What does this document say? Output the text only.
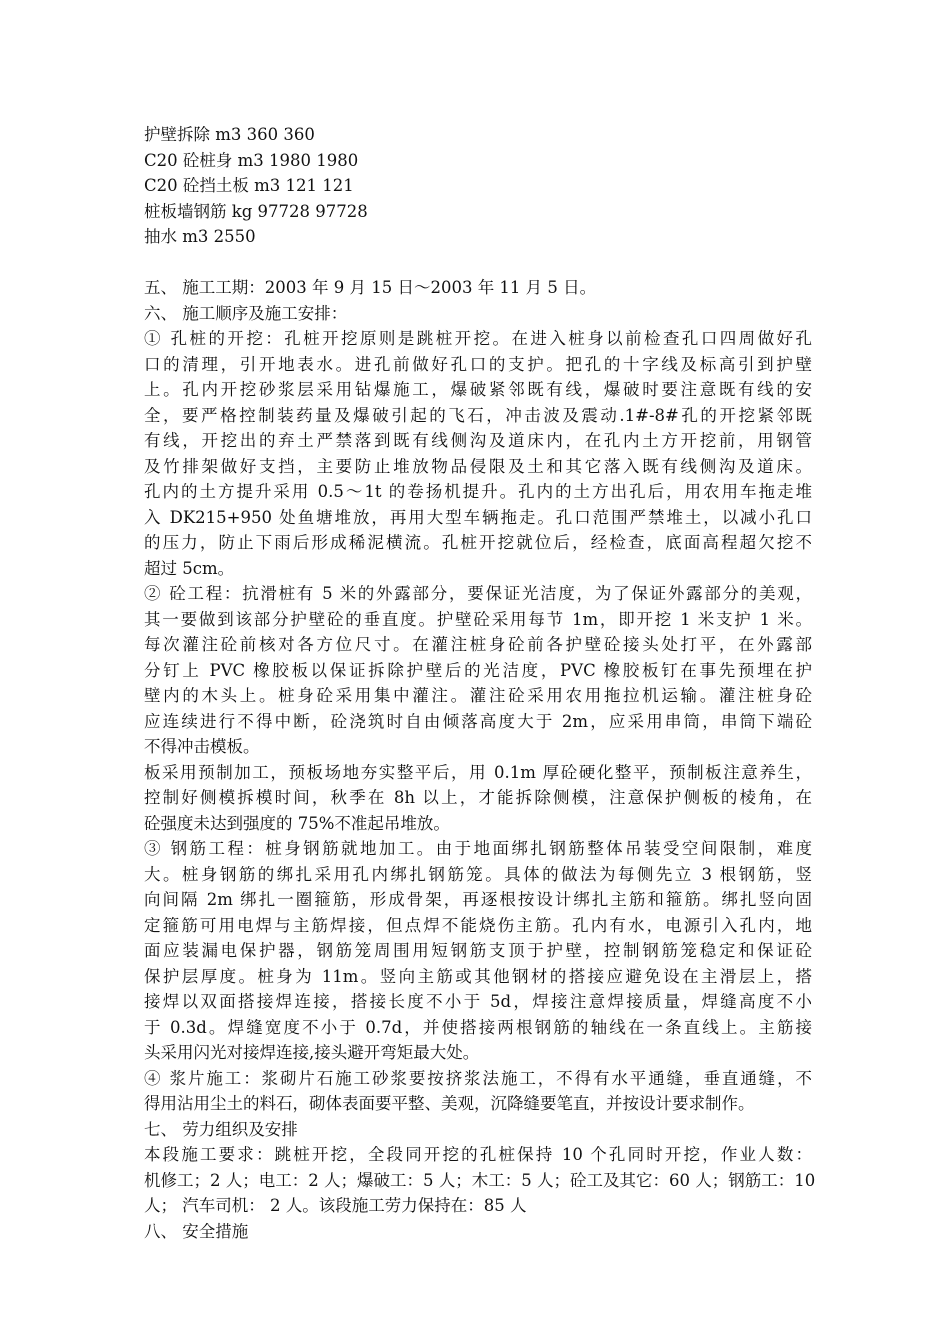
护壁拆除 m3 360 360
C20 砼桩身 m3 1980 1980
C20 砼挡土板 m3 121 121
桩板墙钢筋 kg 97728 97728
抽水 m3 2550
五、 施工工期：2003 年 9 月 15 日～2003 年 11 月 5 日。
六、 施工顺序及施工安排：
① 孔桩的开挖：孔桩开挖原则是跳桩开挖。在进入桩身以前检查孔口四周做好孔
口的清理，引开地表水。进孔前做好孔口的支护。把孔的十字线及标高引到护壁
上。孔内开挖砂浆层采用钻爆施工，爆破紧邻既有线，爆破时要注意既有线的安
全，要严格控制装药量及爆破引起的飞石，冲击波及震动.1#-8#孔的开挖紧邻既
有线，开挖出的弃土严禁落到既有线侧沟及道床内，在孔内土方开挖前，用钢管
及竹排架做好支挡，主要防止堆放物品侵限及土和其它落入既有线侧沟及道床。
孔内的土方提升采用 0.5～1t 的卷扬机提升。孔内的土方出孔后，用农用车拖走堆
入 DK215+950 处鱼塘堆放，再用大型车辆拖走。孔口范围严禁堆土，以减小孔口
的压力，防止下雨后形成稀泥横流。孔桩开挖就位后，经检查，底面高程超欠挖不
超过 5cm。
② 砼工程：抗滑桩有 5 米的外露部分，要保证光洁度，为了保证外露部分的美观，
其一要做到该部分护壁砼的垂直度。护壁砼采用每节 1m，即开挖 1 米支护 1 米。
每次灌注砼前核对各方位尺寸。在灌注桩身砼前各护壁砼接头处打平，在外露部
分钉上 PVC 橡胶板以保证拆除护壁后的光洁度，PVC 橡胶板钉在事先预埋在护
壁内的木头上。桩身砼采用集中灌注。灌注砼采用农用拖拉机运输。灌注桩身砼
应连续进行不得中断，砼浇筑时自由倾落高度大于 2m，应采用串筒，串筒下端砼
不得冲击模板。
板采用预制加工，预板场地夯实整平后，用 0.1m 厚砼硬化整平，预制板注意养生，
控制好侧模拆模时间，秋季在 8h 以上，才能拆除侧模，注意保护侧板的棱角，在
砼强度未达到强度的 75%不准起吊堆放。
③ 钢筋工程：桩身钢筋就地加工。由于地面绑扎钢筋整体吊装受空间限制，难度
大。桩身钢筋的绑扎采用孔内绑扎钢筋笼。具体的做法为每侧先立 3 根钢筋，竖
向间隔 2m 绑扎一圈箍筋，形成骨架，再逐根按设计绑扎主筋和箍筋。绑扎竖向固
定箍筋可用电焊与主筋焊接，但点焊不能烧伤主筋。孔内有水，电源引入孔内，地
面应装漏电保护器，钢筋笼周围用短钢筋支顶于护壁，控制钢筋笼稳定和保证砼
保护层厚度。桩身为 11m。竖向主筋或其他钢材的搭接应避免设在主滑层上，搭
接焊以双面搭接焊连接，搭接长度不小于 5d，焊接注意焊接质量，焊缝高度不小
于 0.3d。焊缝宽度不小于 0.7d，并使搭接两根钢筋的轴线在一条直线上。主筋接
头采用闪光对接焊连接,接头避开弯矩最大处。
④ 浆片施工：浆砌片石施工砂浆要按挤浆法施工，不得有水平通缝，垂直通缝，不
得用沾用尘土的料石，砌体表面要平整、美观，沉降缝要笔直，并按设计要求制作。
七、 劳力组织及安排
本段施工要求：跳桩开挖，全段同开挖的孔桩保持 10 个孔同时开挖，作业人数：
机修工；2 人；电工：2 人；爆破工：5 人；木工：5 人；砼工及其它：60 人；钢筋工：10
人； 汽车司机： 2 人。该段施工劳力保持在：85 人
八、 安全措施
